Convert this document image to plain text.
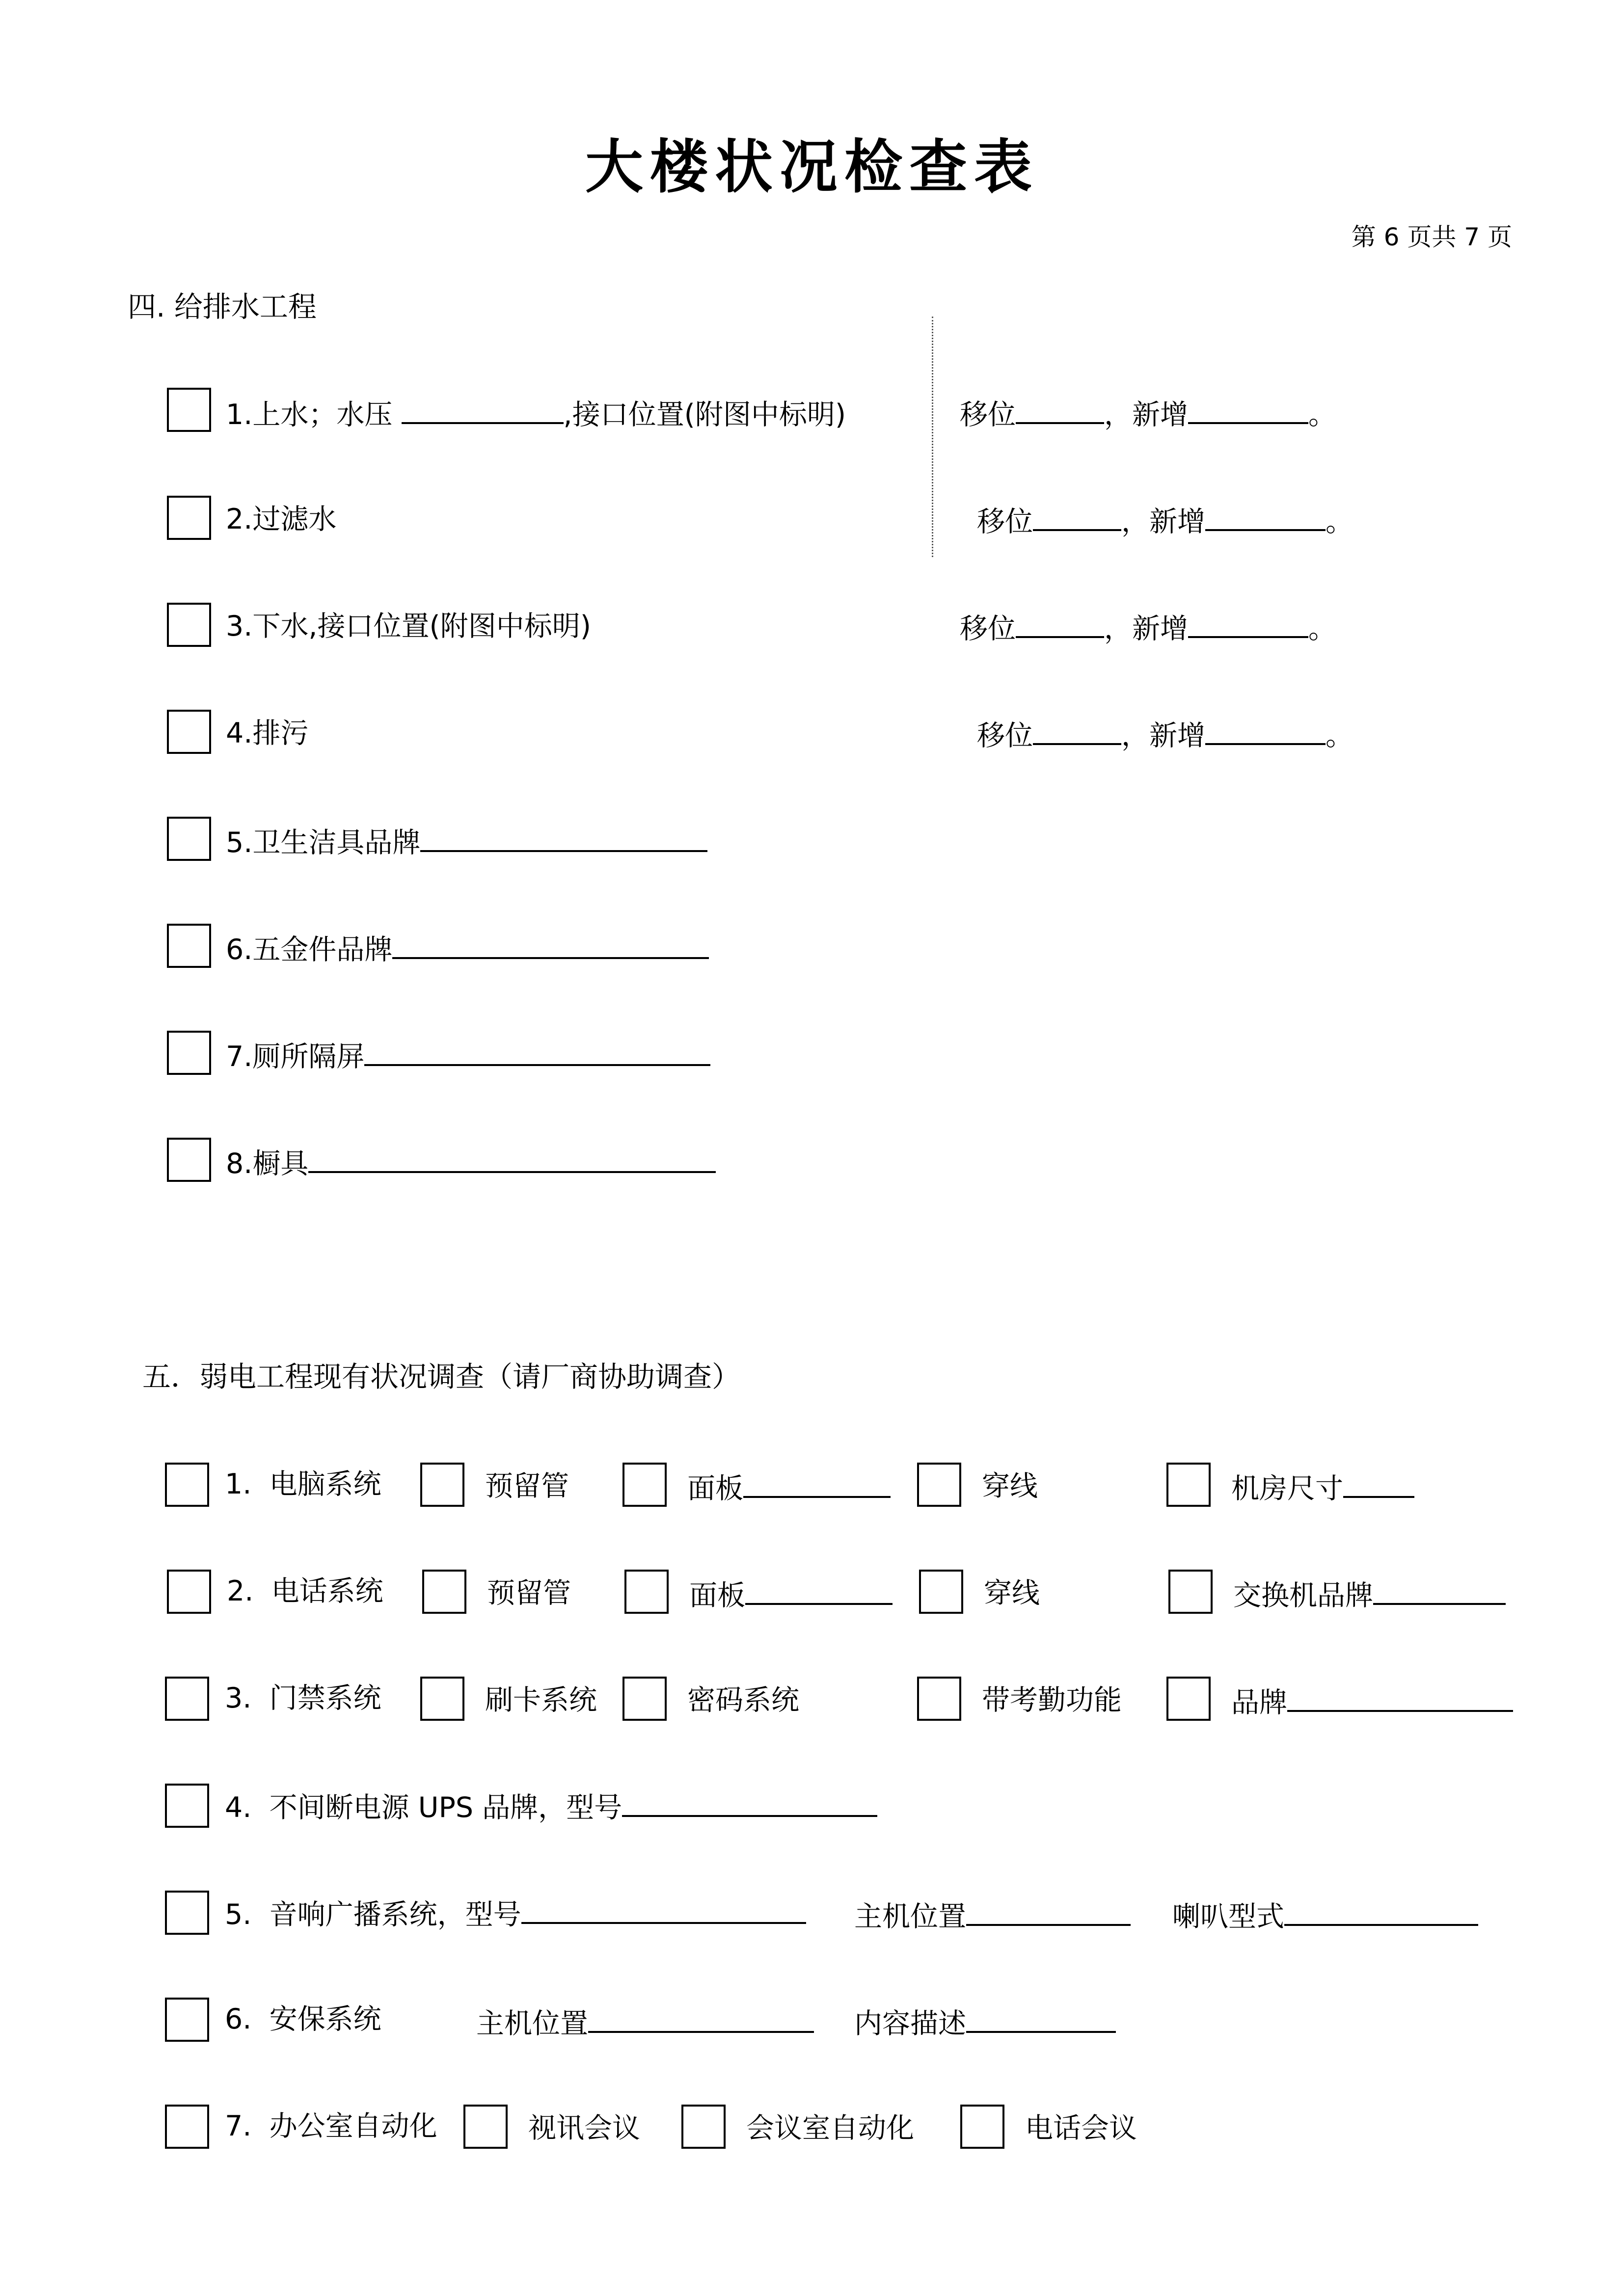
大楼状况检查表
第 6 页共 7 页
四. 给排水工程
1.上水；水压	,接口位置(附图中标明)	移位	，新增	。
2.过滤水	移位	，新增	。
3.下水,接口位置(附图中标明)	移位	，新增	。
4.排污	移位	，新增	。
5.卫生洁具品牌
6.五金件品牌
7.厕所隔屏
8.橱具
五．弱电工程现有状况调查（请厂商协助调查）
1. 电脑系统	预留管	面板	穿线	机房尺寸
2. 电话系统	预留管	面板	穿线	交换机品牌
3. 门禁系统	刷卡系统	密码系统	带考勤功能	品牌
4. 不间断电源 UPS 品牌，型号
5. 音响广播系统，型号	主机位置	喇叭型式
6. 安保系统	主机位置	内容描述
7. 办公室自动化	视讯会议	会议室自动化	电话会议
